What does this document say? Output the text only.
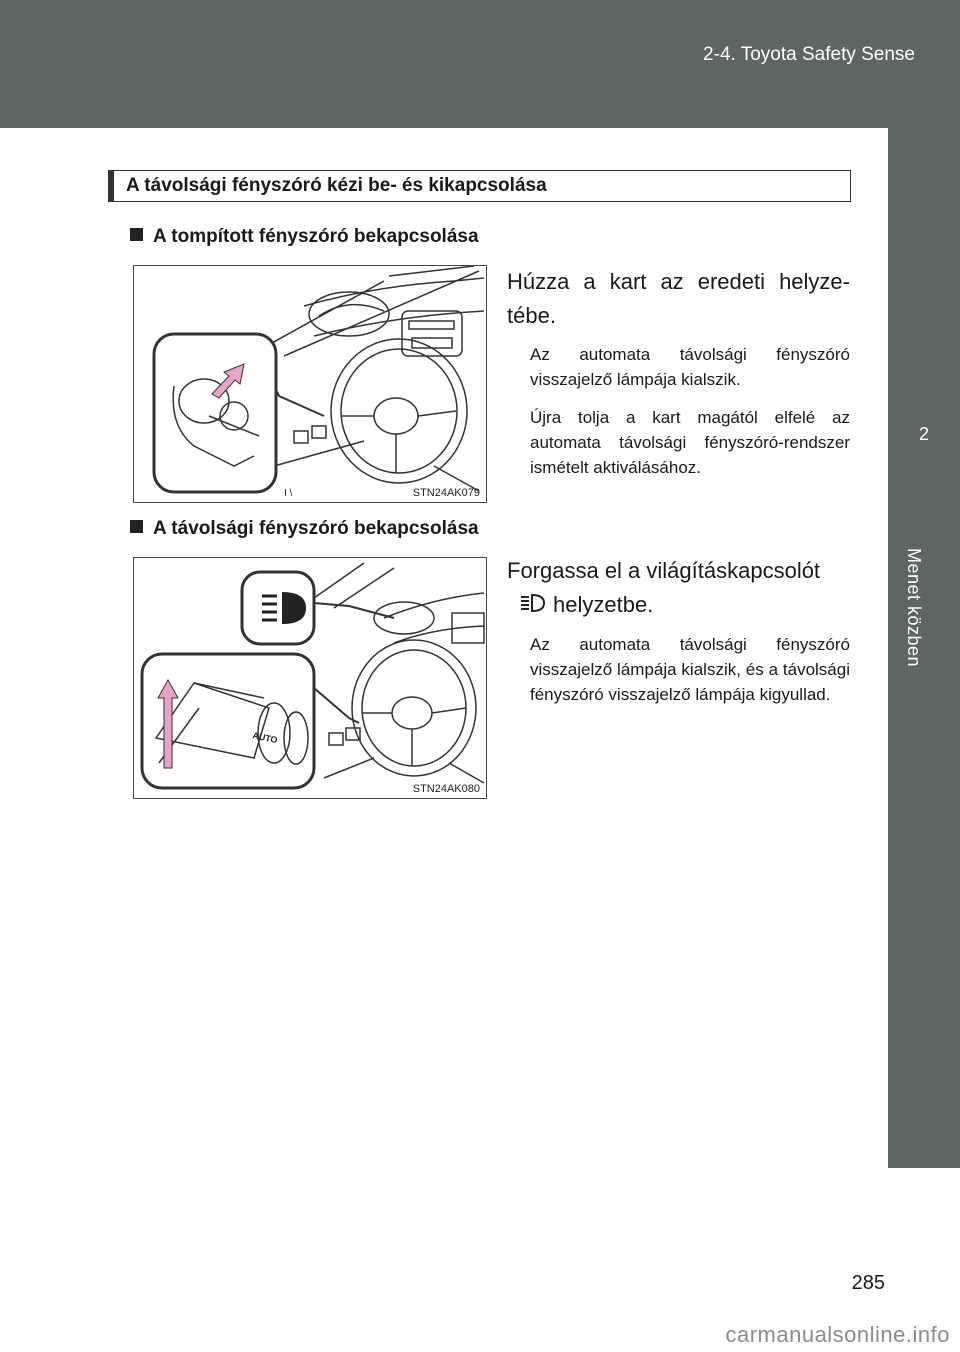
2-4. Toyota Safety Sense
2
Menet közben
A távolsági fényszóró kézi be- és kikapcsolása
A tompított fényszóró bekapcsolása
I \	STN24AK079
Húzza a kart az eredeti helyzetébe.
Az automata távolsági fényszóró visszajelző lámpája kialszik.
Újra tolja a kart magától elfelé az automata távolsági fényszóró-rendszer ismételt aktiválásához.
A távolsági fényszóró bekapcsolása
AUTO
STN24AK080
Forgassa el a világításkapcsolót
helyzetbe.
Az automata távolsági fényszóró visszajelző lámpája kialszik, és a távolsági fényszóró visszajelző lámpája kigyullad.
285
carmanualsonline.info
